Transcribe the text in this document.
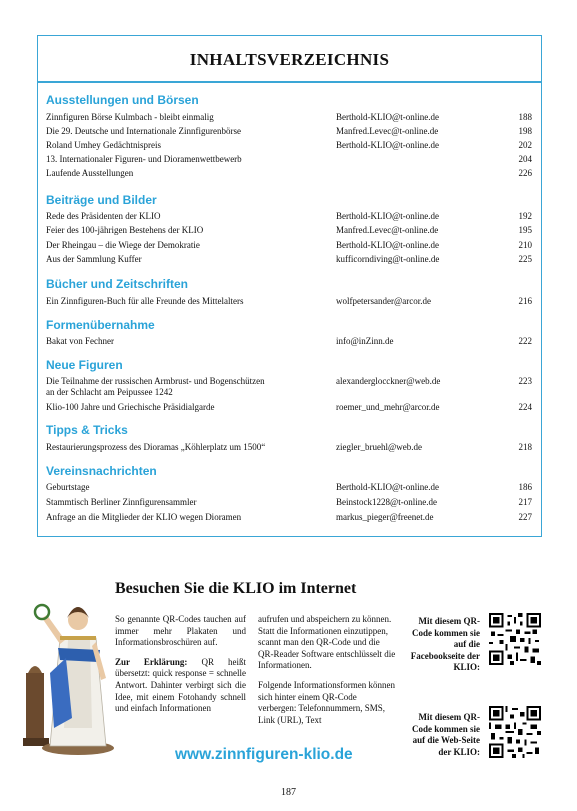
INHALTSVERZEICHNIS
Ausstellungen und Börsen
Zinnfiguren Börse Kulmbach - bleibt einmalig	Berthold-KLIO@t-online.de	188
Die 29. Deutsche und Internationale Zinnfigurenbörse	Manfred.Levec@t-online.de	198
Roland Umhey Gedächtnispreis	Berthold-KLIO@t-online.de	202
13. Internationaler Figuren- und Dioramenwettbewerb	204
Laufende Ausstellungen	226
Beiträge und Bilder
Rede des Präsidenten der KLIO	Berthold-KLIO@t-online.de	192
Feier des 100-jährigen Bestehens der KLIO	Manfred.Levec@t-online.de	195
Der Rheingau – die Wiege der Demokratie	Berthold-KLIO@t-online.de	210
Aus der Sammlung Kuffer	kufficorndiving@t-online.de	225
Bücher und Zeitschriften
Ein Zinnfiguren-Buch für alle Freunde des Mittelalters	wolfpetersander@arcor.de	216
Formenübernahme
Bakat von Fechner	info@inZinn.de	222
Neue Figuren
Die Teilnahme der russischen Armbrust- und Bogenschützen
an der Schlacht am Peipussee 1242
alexanderglocckner@web.de	223
Klio-100 Jahre und Griechische Präsidialgarde	roemer_und_mehr@arcor.de	224
Tipps & Tricks
Restaurierungsprozess des Dioramas „Köhlerplatz um 1500“	ziegler_bruehl@web.de	218
Vereinsnachrichten
Geburtstage	Berthold-KLIO@t-online.de	186
Stammtisch Berliner Zinnfigurensammler	Beinstock1228@t-online.de	217
Anfrage an die Mitglieder der KLIO wegen Dioramen	markus_pieger@freenet.de	227
Besuchen Sie die KLIO im Internet

So genannte QR-Codes tauchen auf immer mehr Plakaten und Informationsbroschüren auf.

Zur Erklärung: QR heißt übersetzt: quick response = schnelle Antwort. Dahinter verbirgt sich die Idee, mit einem Fotohandy schnell und einfach Informationen

aufrufen und abspeichern zu können. Statt die Informationen einzutippen, scannt man den QR-Code und die QR-Reader Software entschlüsselt die Informationen.

Folgende Informationsformen können sich hinter einem QR-Code verbergen: Telefonnummern, SMS, Link (URL), Text

Mit diesem QR-Code kommen sie auf die Facebookseite der KLIO:
Mit diesem QR-Code kommen sie auf die Web-Seite der KLIO:
www.zinnfiguren-klio.de
187
